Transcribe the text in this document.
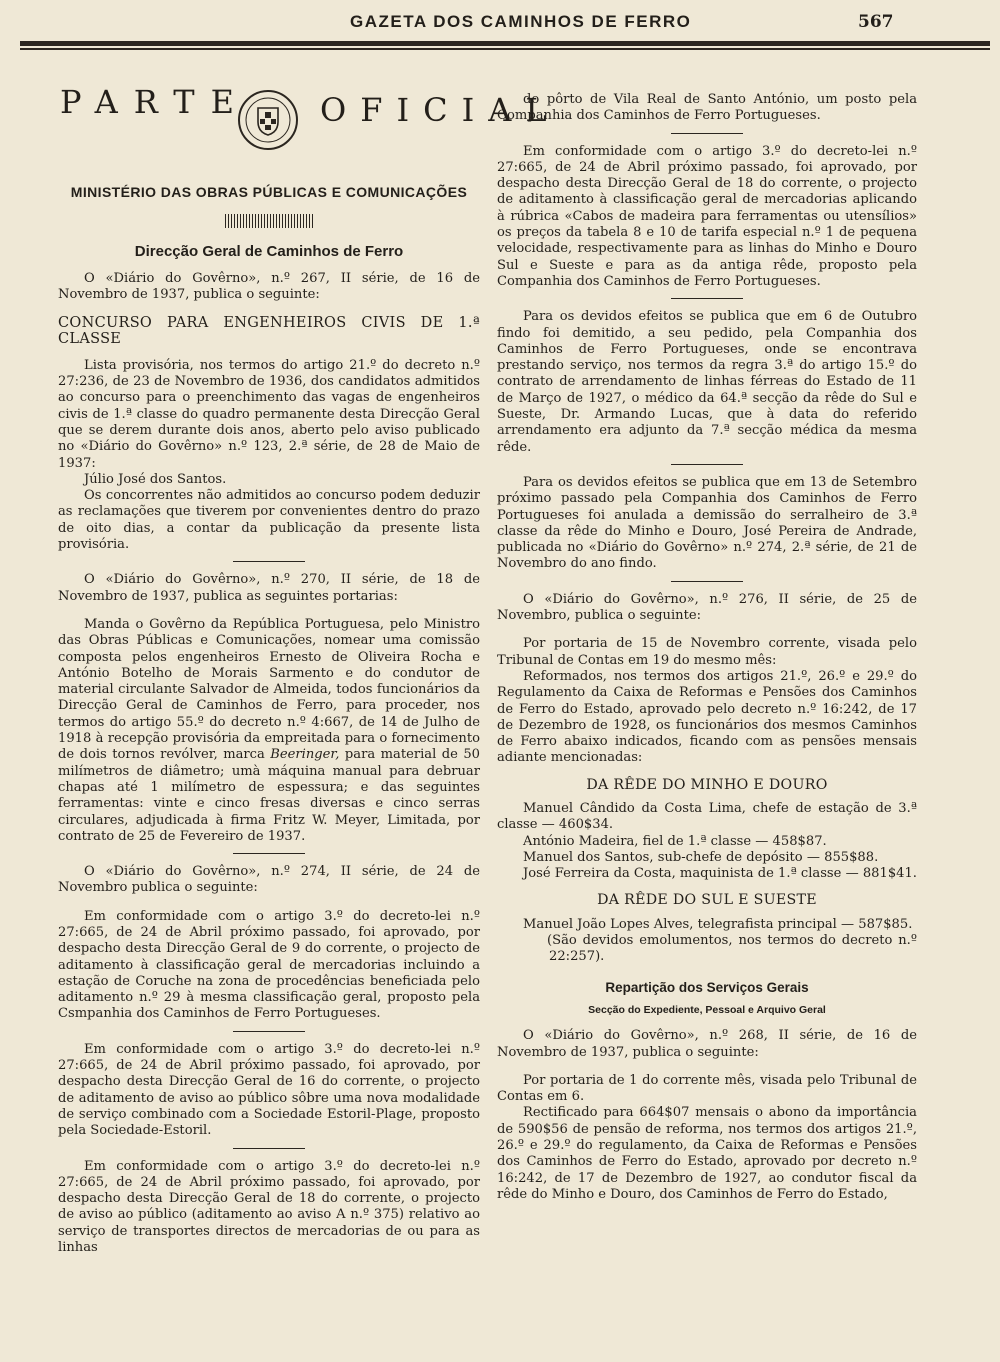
GAZETA DOS CAMINHOS DE FERRO	567
PARTE OFICIAL

MINISTÉRIO DAS OBRAS PÚBLICAS E COMUNICAÇÕES

Direcção Geral de Caminhos de Ferro

O «Diário do Govêrno», n.º 267, II série, de 16 de Novembro de 1937, publica o seguinte:

CONCURSO PARA ENGENHEIROS CIVIS DE 1.ª CLASSE

Lista provisória, nos termos do artigo 21.º do decreto n.º 27:236, de 23 de Novembro de 1936, dos candidatos admitidos ao concurso para o preenchimento das vagas de engenheiros civis de 1.ª classe do quadro permanente desta Direcção Geral que se derem durante dois anos, aberto pelo aviso publicado no «Diário do Govêrno» n.º 123, 2.ª série, de 28 de Maio de 1937:

Júlio José dos Santos.

Os concorrentes não admitidos ao concurso podem deduzir as reclamações que tiverem por convenientes dentro do prazo de oito dias, a contar da publicação da presente lista provisória.

O «Diário do Govêrno», n.º 270, II série, de 18 de Novembro de 1937, publica as seguintes portarias:

Manda o Govêrno da República Portuguesa, pelo Ministro das Obras Públicas e Comunicações, nomear uma comissão composta pelos engenheiros Ernesto de Oliveira Rocha e António Botelho de Morais Sarmento e do condutor de material circulante Salvador de Almeida, todos funcionários da Direcção Geral de Caminhos de Ferro, para proceder, nos termos do artigo 55.º do decreto n.º 4:667, de 14 de Julho de 1918 à recepção provisória da empreitada para o fornecimento de dois tornos revólver, marca Beeringer, para material de 50 milímetros de diâmetro; umà máquina manual para debruar chapas até 1 milímetro de espessura; e das seguintes ferramentas: vinte e cinco fresas diversas e cinco serras circulares, adjudicada à firma Fritz W. Meyer, Limitada, por contrato de 25 de Fevereiro de 1937.

O «Diário do Govêrno», n.º 274, II série, de 24 de Novembro publica o seguinte:

Em conformidade com o artigo 3.º do decreto-lei n.º 27:665, de 24 de Abril próximo passado, foi aprovado, por despacho desta Direcção Geral de 9 do corrente, o projecto de aditamento à classificação geral de mercadorias incluindo a estação de Coruche na zona de procedências beneficiada pelo aditamento n.º 29 à mesma classificação geral, proposto pela Csmpanhia dos Caminhos de Ferro Portugueses.

Em conformidade com o artigo 3.º do decreto-lei n.º 27:665, de 24 de Abril próximo passado, foi aprovado, por despacho desta Direcção Geral de 16 do corrente, o projecto de aditamento de aviso ao público sôbre uma nova modalidade de serviço combinado com a Sociedade Estoril-Plage, proposto pela Sociedade-Estoril.

Em conformidade com o artigo 3.º do decreto-lei n.º 27:665, de 24 de Abril próximo passado, foi aprovado, por despacho desta Direcção Geral de 18 do corrente, o projecto de aviso ao público (aditamento ao aviso A n.º 375) relativo ao serviço de transportes directos de mercadorias de ou para as linhas

do pôrto de Vila Real de Santo António, um posto pela Companhia dos Caminhos de Ferro Portugueses.

Em conformidade com o artigo 3.º do decreto-lei n.º 27:665, de 24 de Abril próximo passado, foi aprovado, por despacho desta Direcção Geral de 18 do corrente, o projecto de aditamento à classificação geral de mercadorias aplicando à rúbrica «Cabos de madeira para ferramentas ou utensílios» os preços da tabela 8 e 10 de tarifa especial n.º 1 de pequena velocidade, respectivamente para as linhas do Minho e Douro Sul e Sueste e para as da antiga rêde, proposto pela Companhia dos Caminhos de Ferro Portugueses.

Para os devidos efeitos se publica que em 6 de Outubro findo foi demitido, a seu pedido, pela Companhia dos Caminhos de Ferro Portugueses, onde se encontrava prestando serviço, nos termos da regra 3.ª do artigo 15.º do contrato de arrendamento de linhas férreas do Estado de 11 de Março de 1927, o médico da 64.ª secção da rêde do Sul e Sueste, Dr. Armando Lucas, que à data do referido arrendamento era adjunto da 7.ª secção médica da mesma rêde.

Para os devidos efeitos se publica que em 13 de Setembro próximo passado pela Companhia dos Caminhos de Ferro Portugueses foi anulada a demissão do serralheiro de 3.ª classe da rêde do Minho e Douro, José Pereira de Andrade, publicada no «Diário do Govêrno» n.º 274, 2.ª série, de 21 de Novembro do ano findo.

O «Diário do Govêrno», n.º 276, II série, de 25 de Novembro, publica o seguinte:

Por portaria de 15 de Novembro corrente, visada pelo Tribunal de Contas em 19 do mesmo mês:

Reformados, nos termos dos artigos 21.º, 26.º e 29.º do Regulamento da Caixa de Reformas e Pensões dos Caminhos de Ferro do Estado, aprovado pelo decreto n.º 16:242, de 17 de Dezembro de 1928, os funcionários dos mesmos Caminhos de Ferro abaixo indicados, ficando com as pensões mensais adiante mencionadas:

DA RÊDE DO MINHO E DOURO

Manuel Cândido da Costa Lima, chefe de estação de 3.ª classe — 460$34.

António Madeira, fiel de 1.ª classe — 458$87.

Manuel dos Santos, sub-chefe de depósito — 855$88.

José Ferreira da Costa, maquinista de 1.ª classe — 881$41.

DA RÊDE DO SUL E SUESTE

Manuel João Lopes Alves, telegrafista principal — 587$85.

(São devidos emolumentos, nos termos do decreto n.º 22:257).

Repartição dos Serviços Gerais

Secção do Expediente, Pessoal e Arquivo Geral

O «Diário do Govêrno», n.º 268, II série, de 16 de Novembro de 1937, publica o seguinte:

Por portaria de 1 do corrente mês, visada pelo Tribunal de Contas em 6.

Rectificado para 664$07 mensais o abono da importância de 590$56 de pensão de reforma, nos termos dos artigos 21.º, 26.º e 29.º do regulamento, da Caixa de Reformas e Pensões dos Caminhos de Ferro do Estado, aprovado por decreto n.º 16:242, de 17 de Dezembro de 1927, ao condutor fiscal da rêde do Minho e Douro, dos Caminhos de Ferro do Estado,
